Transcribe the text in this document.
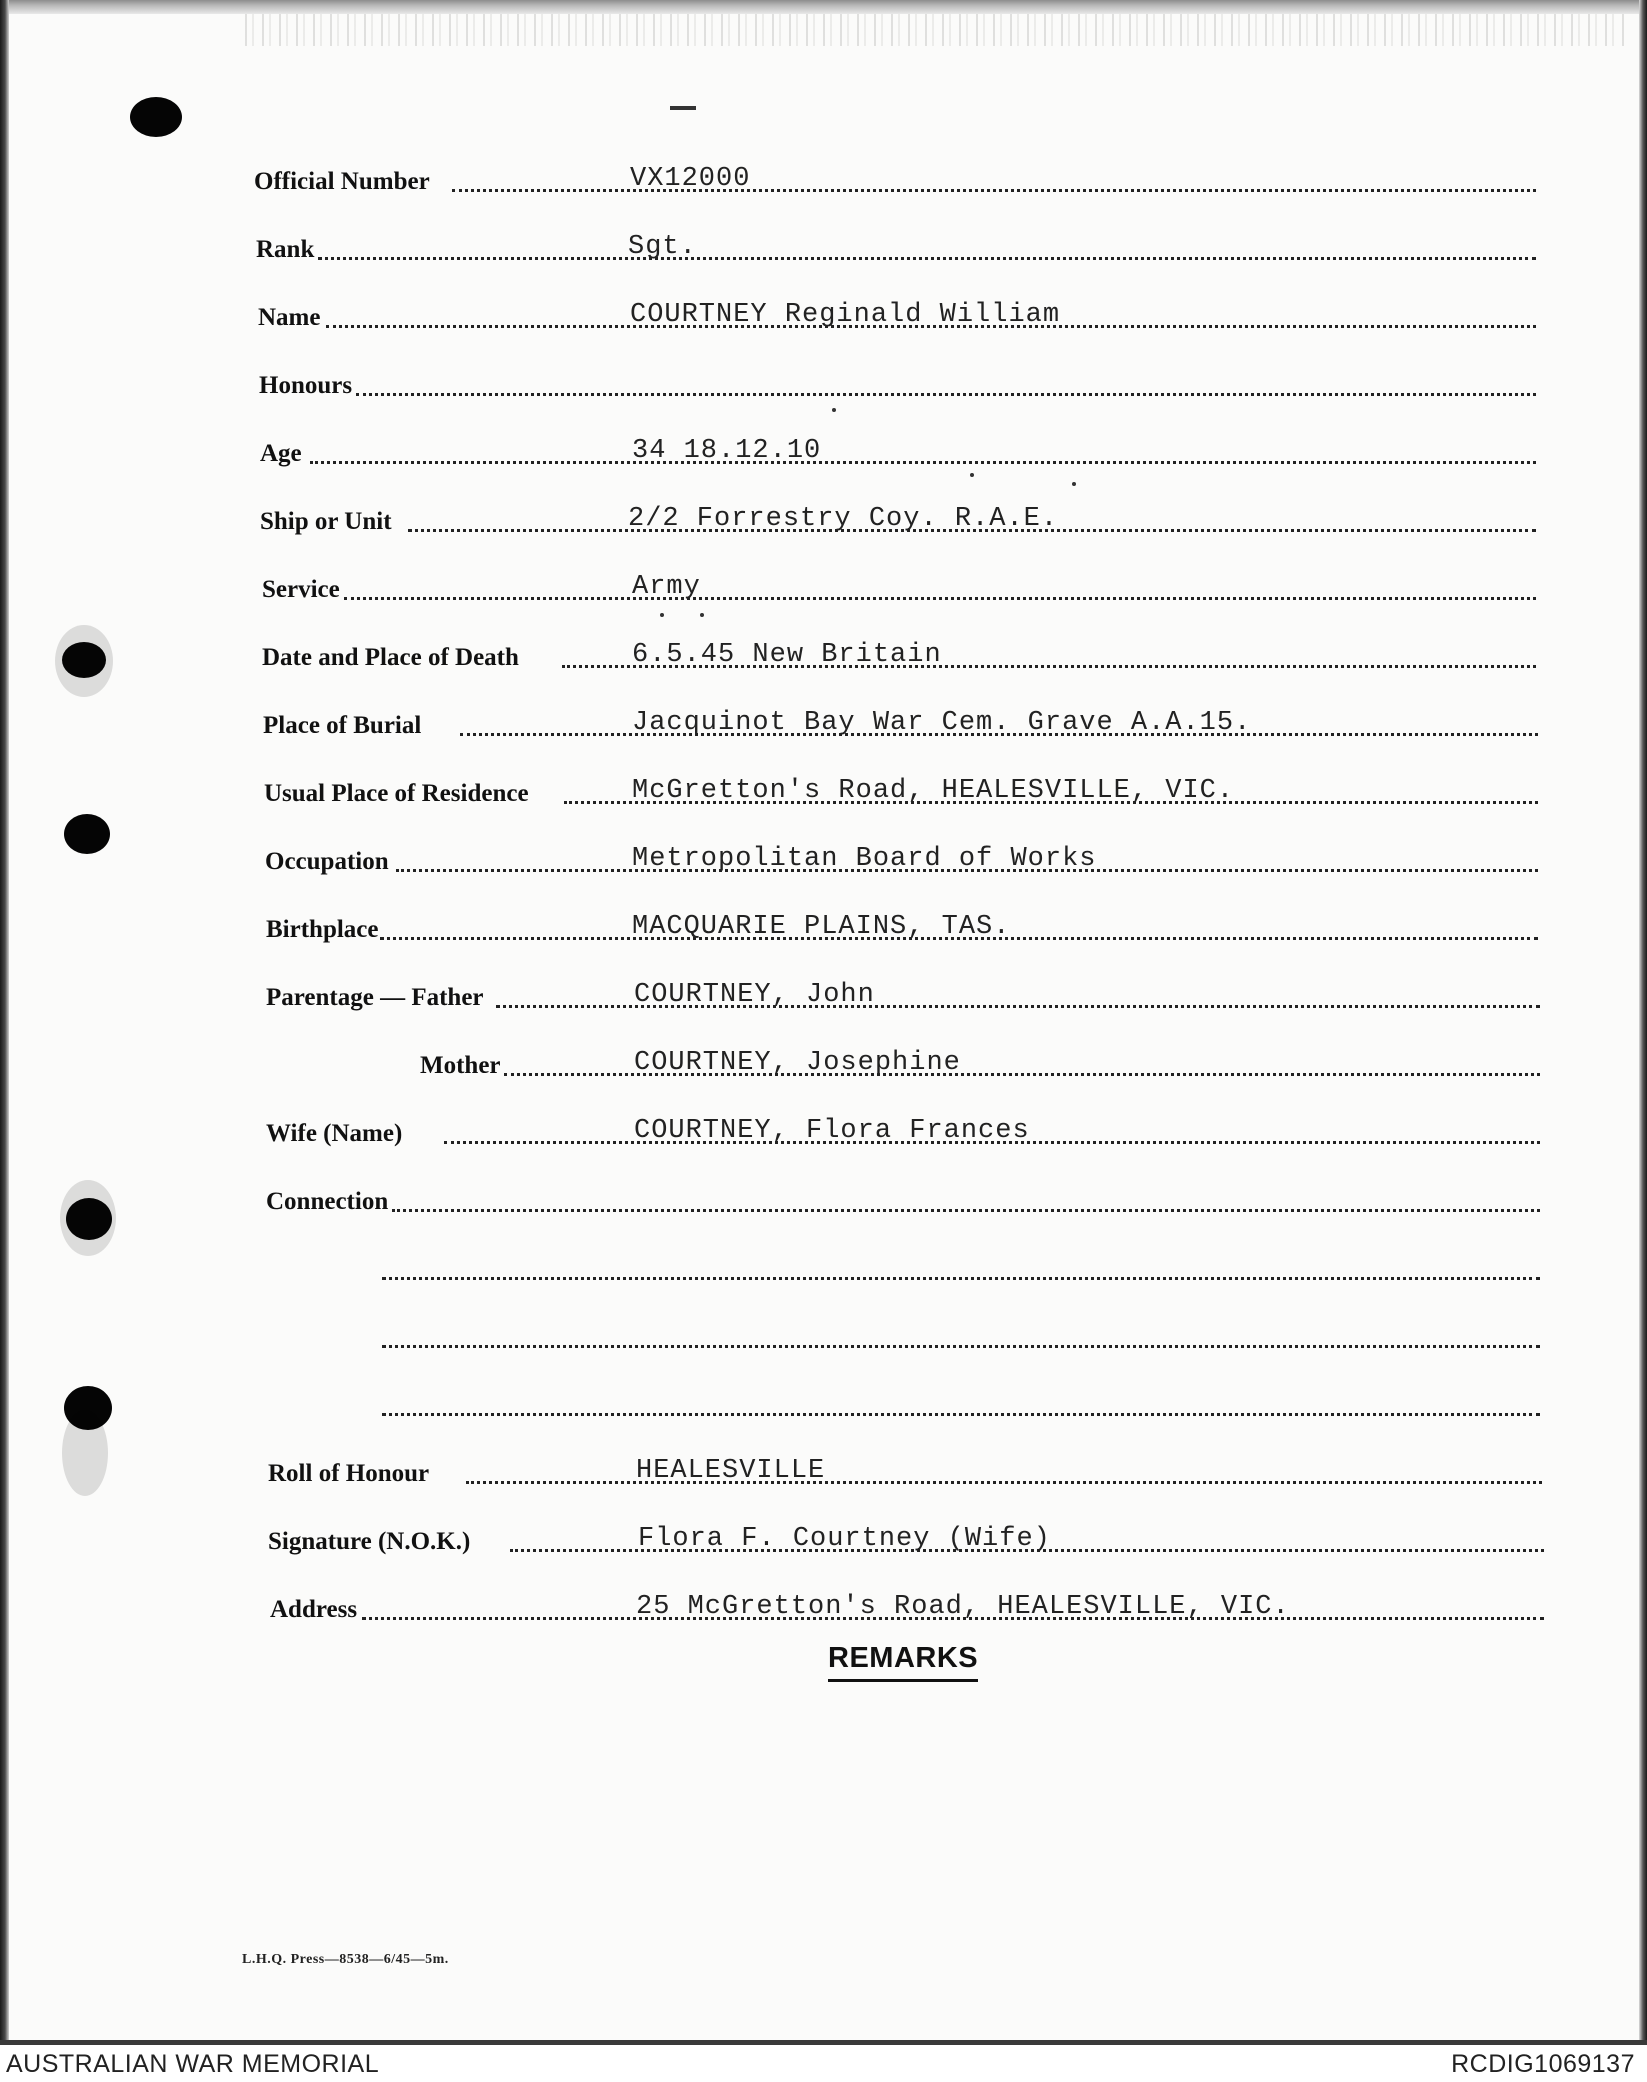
Official Number	VX12000
Rank	Sgt.
Name	COURTNEY Reginald William
Honours
Age	34 18.12.10
Ship or Unit	2/2 Forrestry Coy. R.A.E.
Service	Army
Date and Place of Death	6.5.45 New Britain
Place of Burial	Jacquinot Bay War Cem. Grave A.A.15.
Usual Place of Residence	McGretton's Road, HEALESVILLE, VIC.
Occupation	Metropolitan Board of Works
Birthplace	MACQUARIE PLAINS, TAS.
Parentage — Father	COURTNEY, John
Mother	COURTNEY, Josephine
Wife (Name)	COURTNEY, Flora Frances
Connection
Roll of Honour	HEALESVILLE
Signature (N.O.K.)	Flora F. Courtney (Wife)
Address	25 McGretton's Road, HEALESVILLE, VIC.
REMARKS
L.H.Q. Press—8538—6/45—5m.
AUSTRALIAN WAR MEMORIAL	RCDIG1069137
